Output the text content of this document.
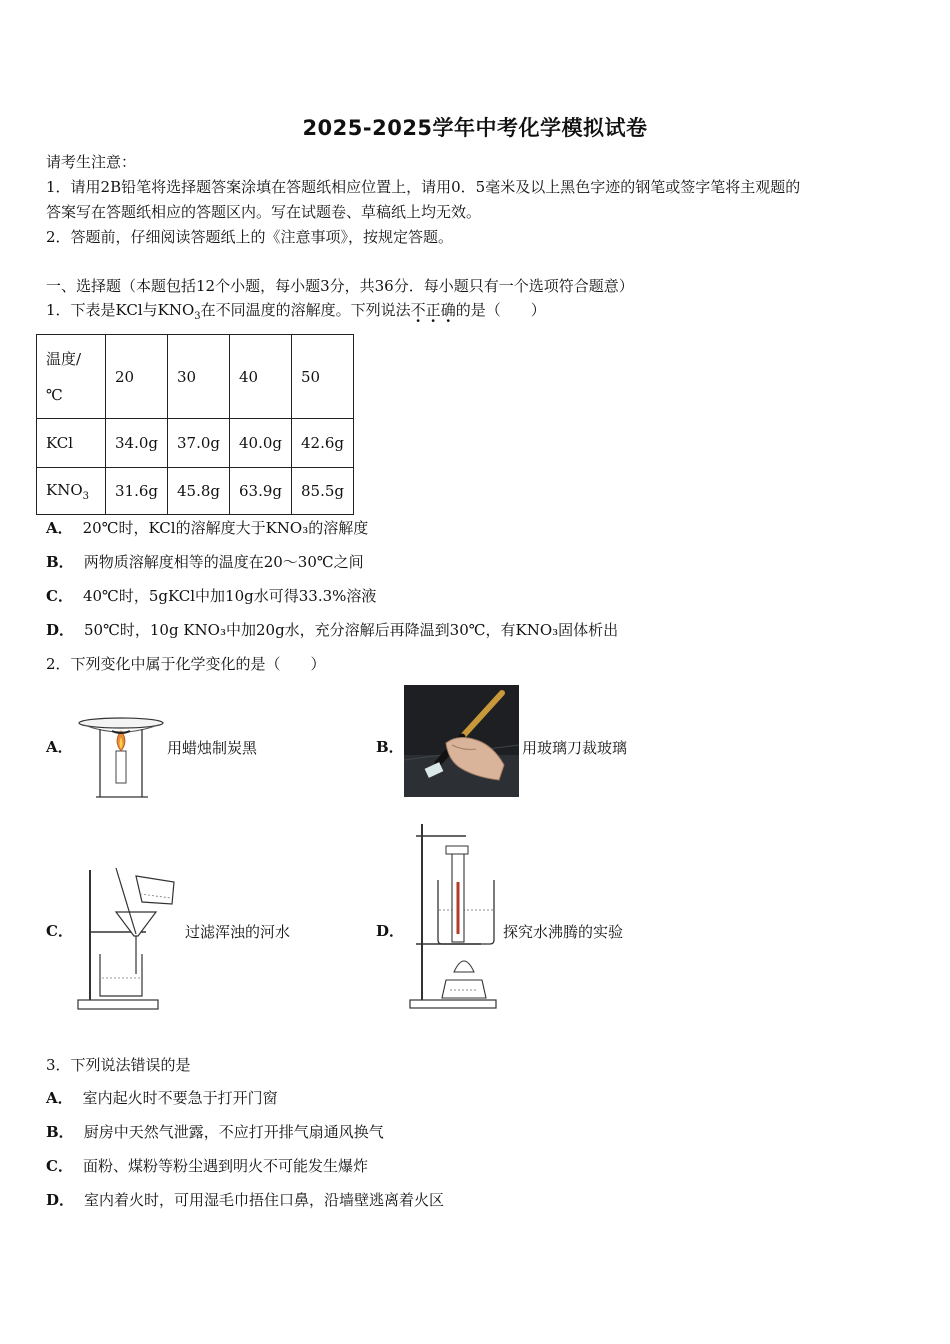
2025-2025学年中考化学模拟试卷
请考生注意：
1．请用2B铅笔将选择题答案涂填在答题纸相应位置上，请用0．5毫米及以上黑色字迹的钢笔或签字笔将主观题的
答案写在答题纸相应的答题区内。写在试题卷、草稿纸上均无效。
2．答题前，仔细阅读答题纸上的《注意事项》，按规定答题。
一、选择题（本题包括12个小题，每小题3分，共36分．每小题只有一个选项符合题意）
1．下表是KCl与$KNO_3$在不同温度的溶解度。下列说法不正确的是（　　）
温度/
℃	20	30	40	50
KCl	34.0g	37.0g	40.0g	42.6g
$KNO_3$	31.6g	45.8g	63.9g	85.5g
A． 20℃时，KCl的溶解度大于KNO₃的溶解度
B． 两物质溶解度相等的温度在20～30℃之间
C． 40℃时，5gKCl中加10g水可得33.3%溶液
D． 50℃时，10g KNO₃中加20g水，充分溶解后再降温到30℃，有KNO₃固体析出
2．下列变化中属于化学变化的是（　　）
A．	用蜡烛制炭黑	B．	用玻璃刀裁玻璃
C．	过滤浑浊的河水	D．	探究水沸腾的实验
3．下列说法错误的是
A． 室内起火时不要急于打开门窗
B． 厨房中天然气泄露，不应打开排气扇通风换气
C． 面粉、煤粉等粉尘遇到明火不可能发生爆炸
D． 室内着火时，可用湿毛巾捂住口鼻，沿墙壁逃离着火区
